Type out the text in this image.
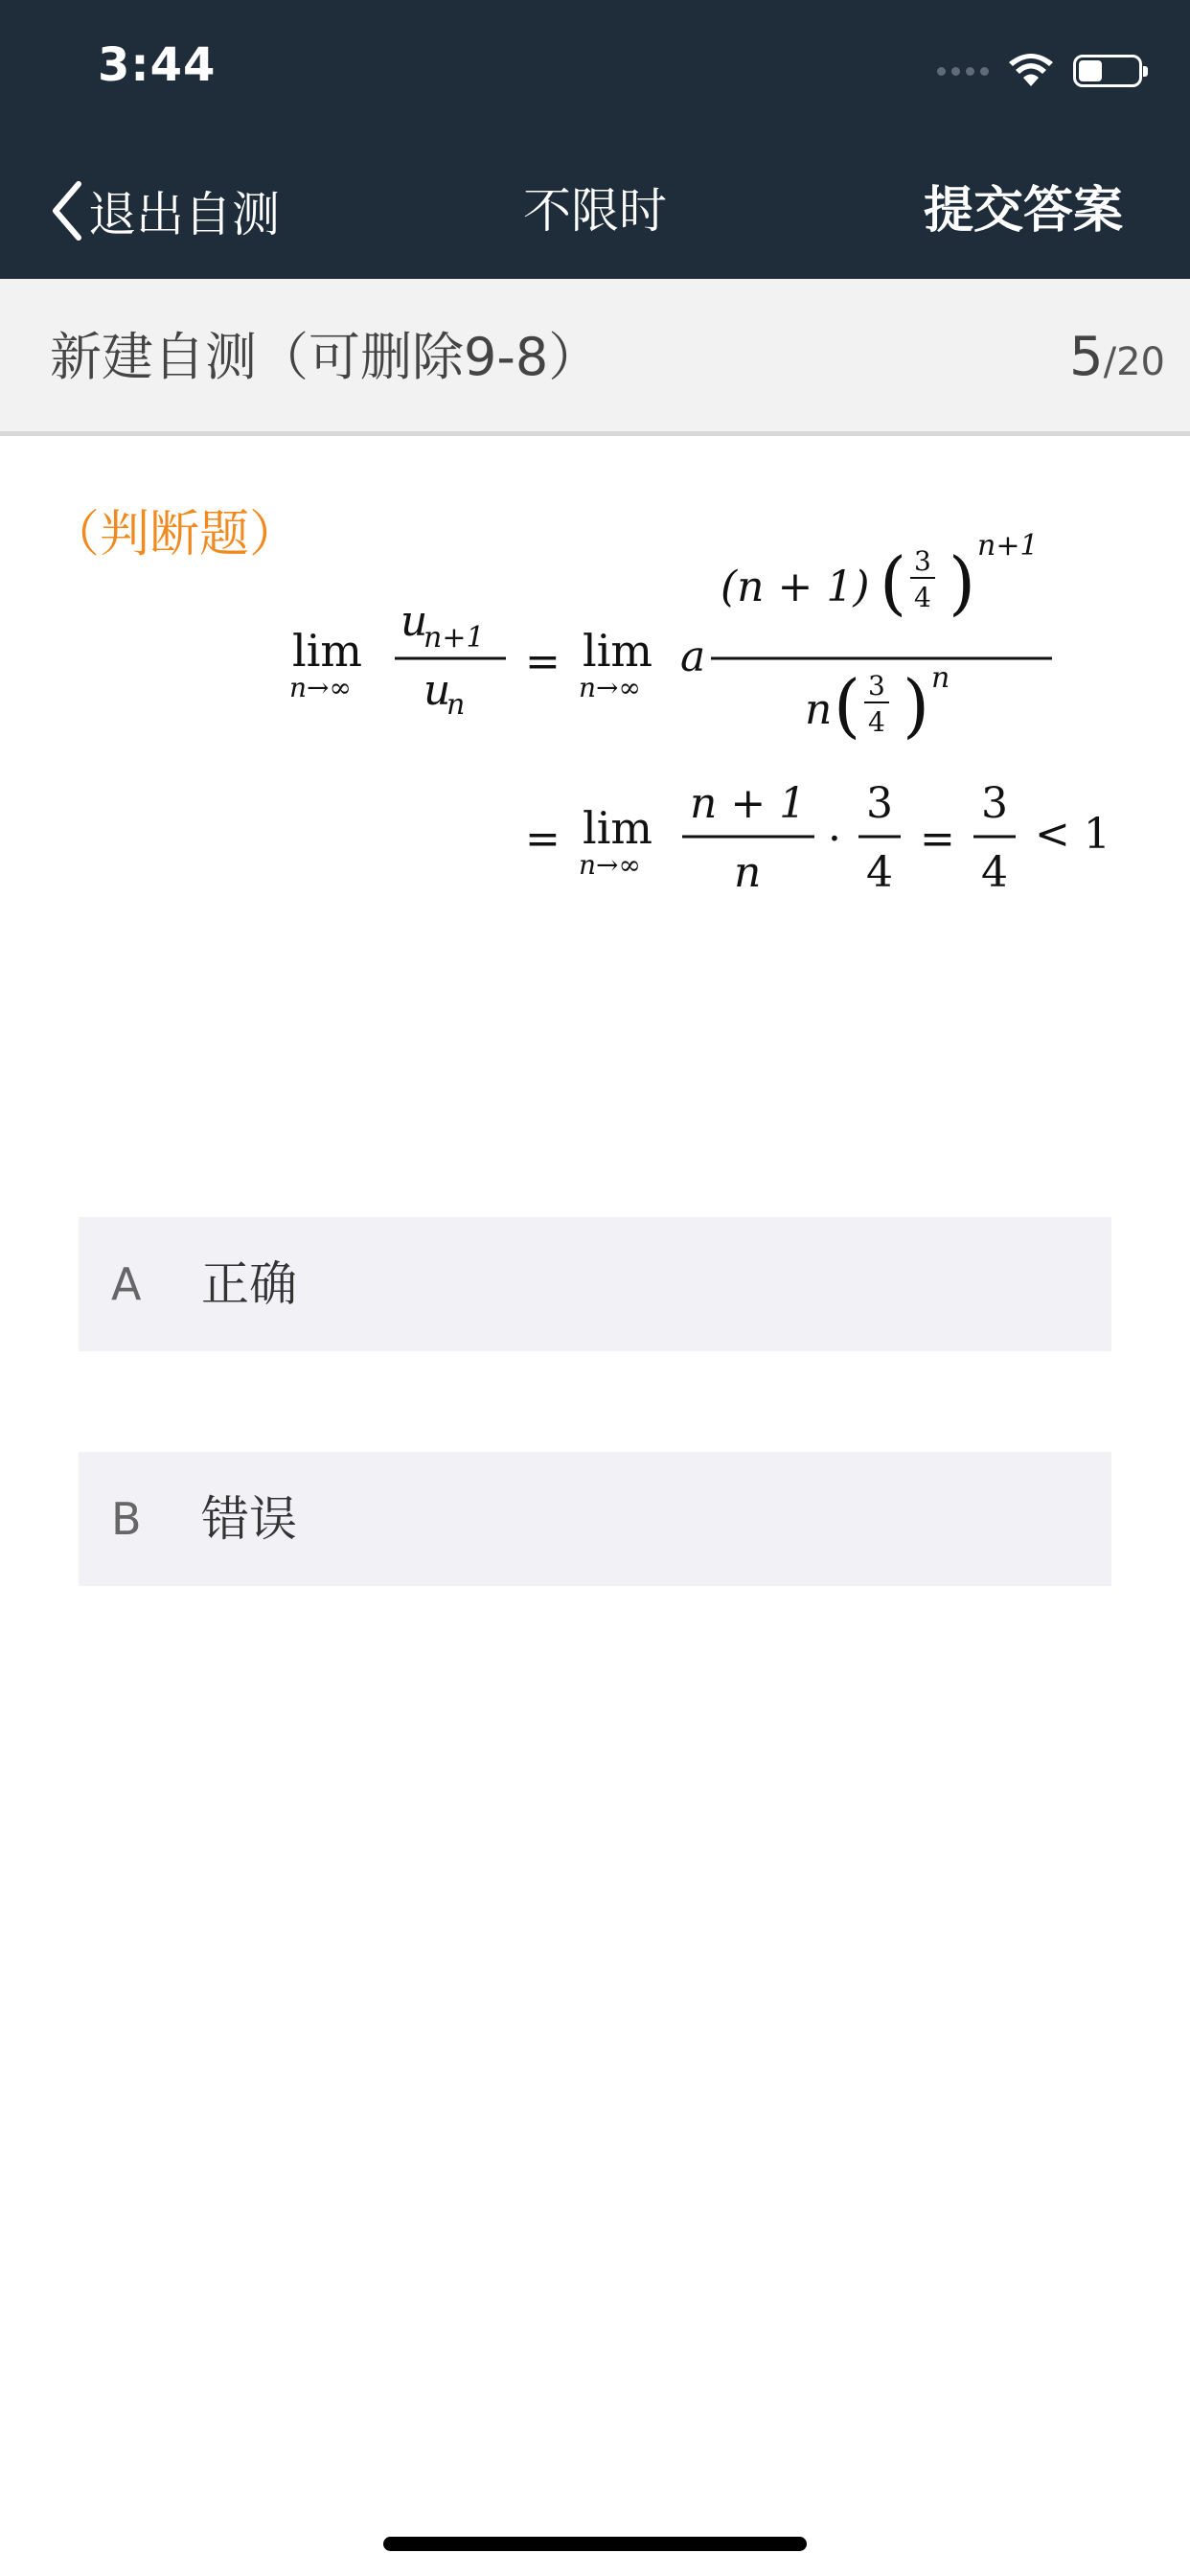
3:44
退出自测	不限时	提交答案
新建自测（可删除9-8）	5/20
（判断题）
lim
n→∞
u
n+1
u
n
= lim
n→∞
a
(n + 1) ( 3
4 ) n+1
n ( 3
4 ) n
= lim
n→∞
n + 1
n
·
3
4
=
3
4
< 1
A 正确
B 错误
